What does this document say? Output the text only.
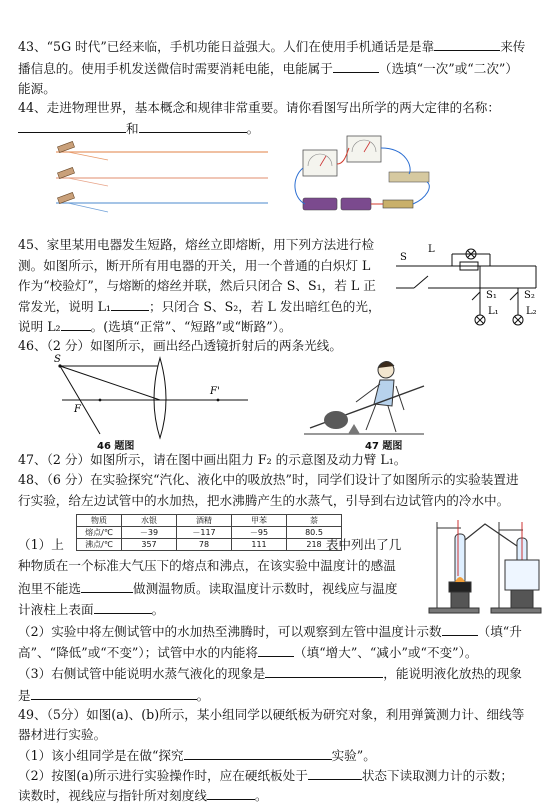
43、“5G 时代”已经来临，手机功能日益强大。人们在使用手机通话是是靠	来传
播信息的。使用手机发送微信时需要消耗电能，电能属于	（选填“一次”或“二次”）
能源。
44、走进物理世界，基本概念和规律非常重要。请你看图写出所学的两大定律的名称：
和	。
45、家里某用电器发生短路，熔丝立即熔断，用下列方法进行检
测。如图所示，断开所有用电器的开关，用一个普通的白炽灯 L
作为“校验灯”，与熔断的熔丝并联，然后只闭合 S、S₁，若 L 正
常发光，说明 L₁	；只闭合 S、S₂，若 L 发出暗红色的光，
说明 L₂ 。(选填“正常”、“短路”或“断路”）。
S
L
S₁	S₂
L₁	L₂
46、（2 分）如图所示，画出经凸透镜折射后的两条光线。
S
F
F'
46 题图	47 题图
47、（2 分）如图所示，请在图中画出阻力 F₂ 的示意图及动力臂 L₁。
48、（6 分）在实验探究“汽化、液化中的吸放热”时，同学们设计了如图所示的实验装置进
行实验，给左边试管中的水加热，把水沸腾产生的水蒸气，引导到右边试管内的冷水中。
物质	水银	酒精	甲苯	萘
熔点/℃	－39	－117	－95	80.5
沸点/℃	357	78	111	218
（1）上	表中列出了几
种物质在一个标准大气压下的熔点和沸点，在该实验中温度计的感温
泡里不能选	做测温物质。读取温度计示数时，视线应与温度
计液柱上表面	。
（2）实验中将左侧试管中的水加热至沸腾时，可以观察到左管中温度计示数	（填“升
高”、“降低”或“不变”）；试管中水的内能将	（填“增大”、“减小”或“不变”）。
（3）右侧试管中能说明水蒸气液化的现象是	，能说明液化放热的现象
是	。
49、（5分）如图(a)、(b)所示，某小组同学以硬纸板为研究对象，利用弹簧测力计、细线等
器材进行实验。
（1）该小组同学是在做“探究	实验”。
（2）按图(a)所示进行实验操作时，应在硬纸板处于	状态下读取测力计的示数；
读数时，视线应与指针所对刻度线	。
